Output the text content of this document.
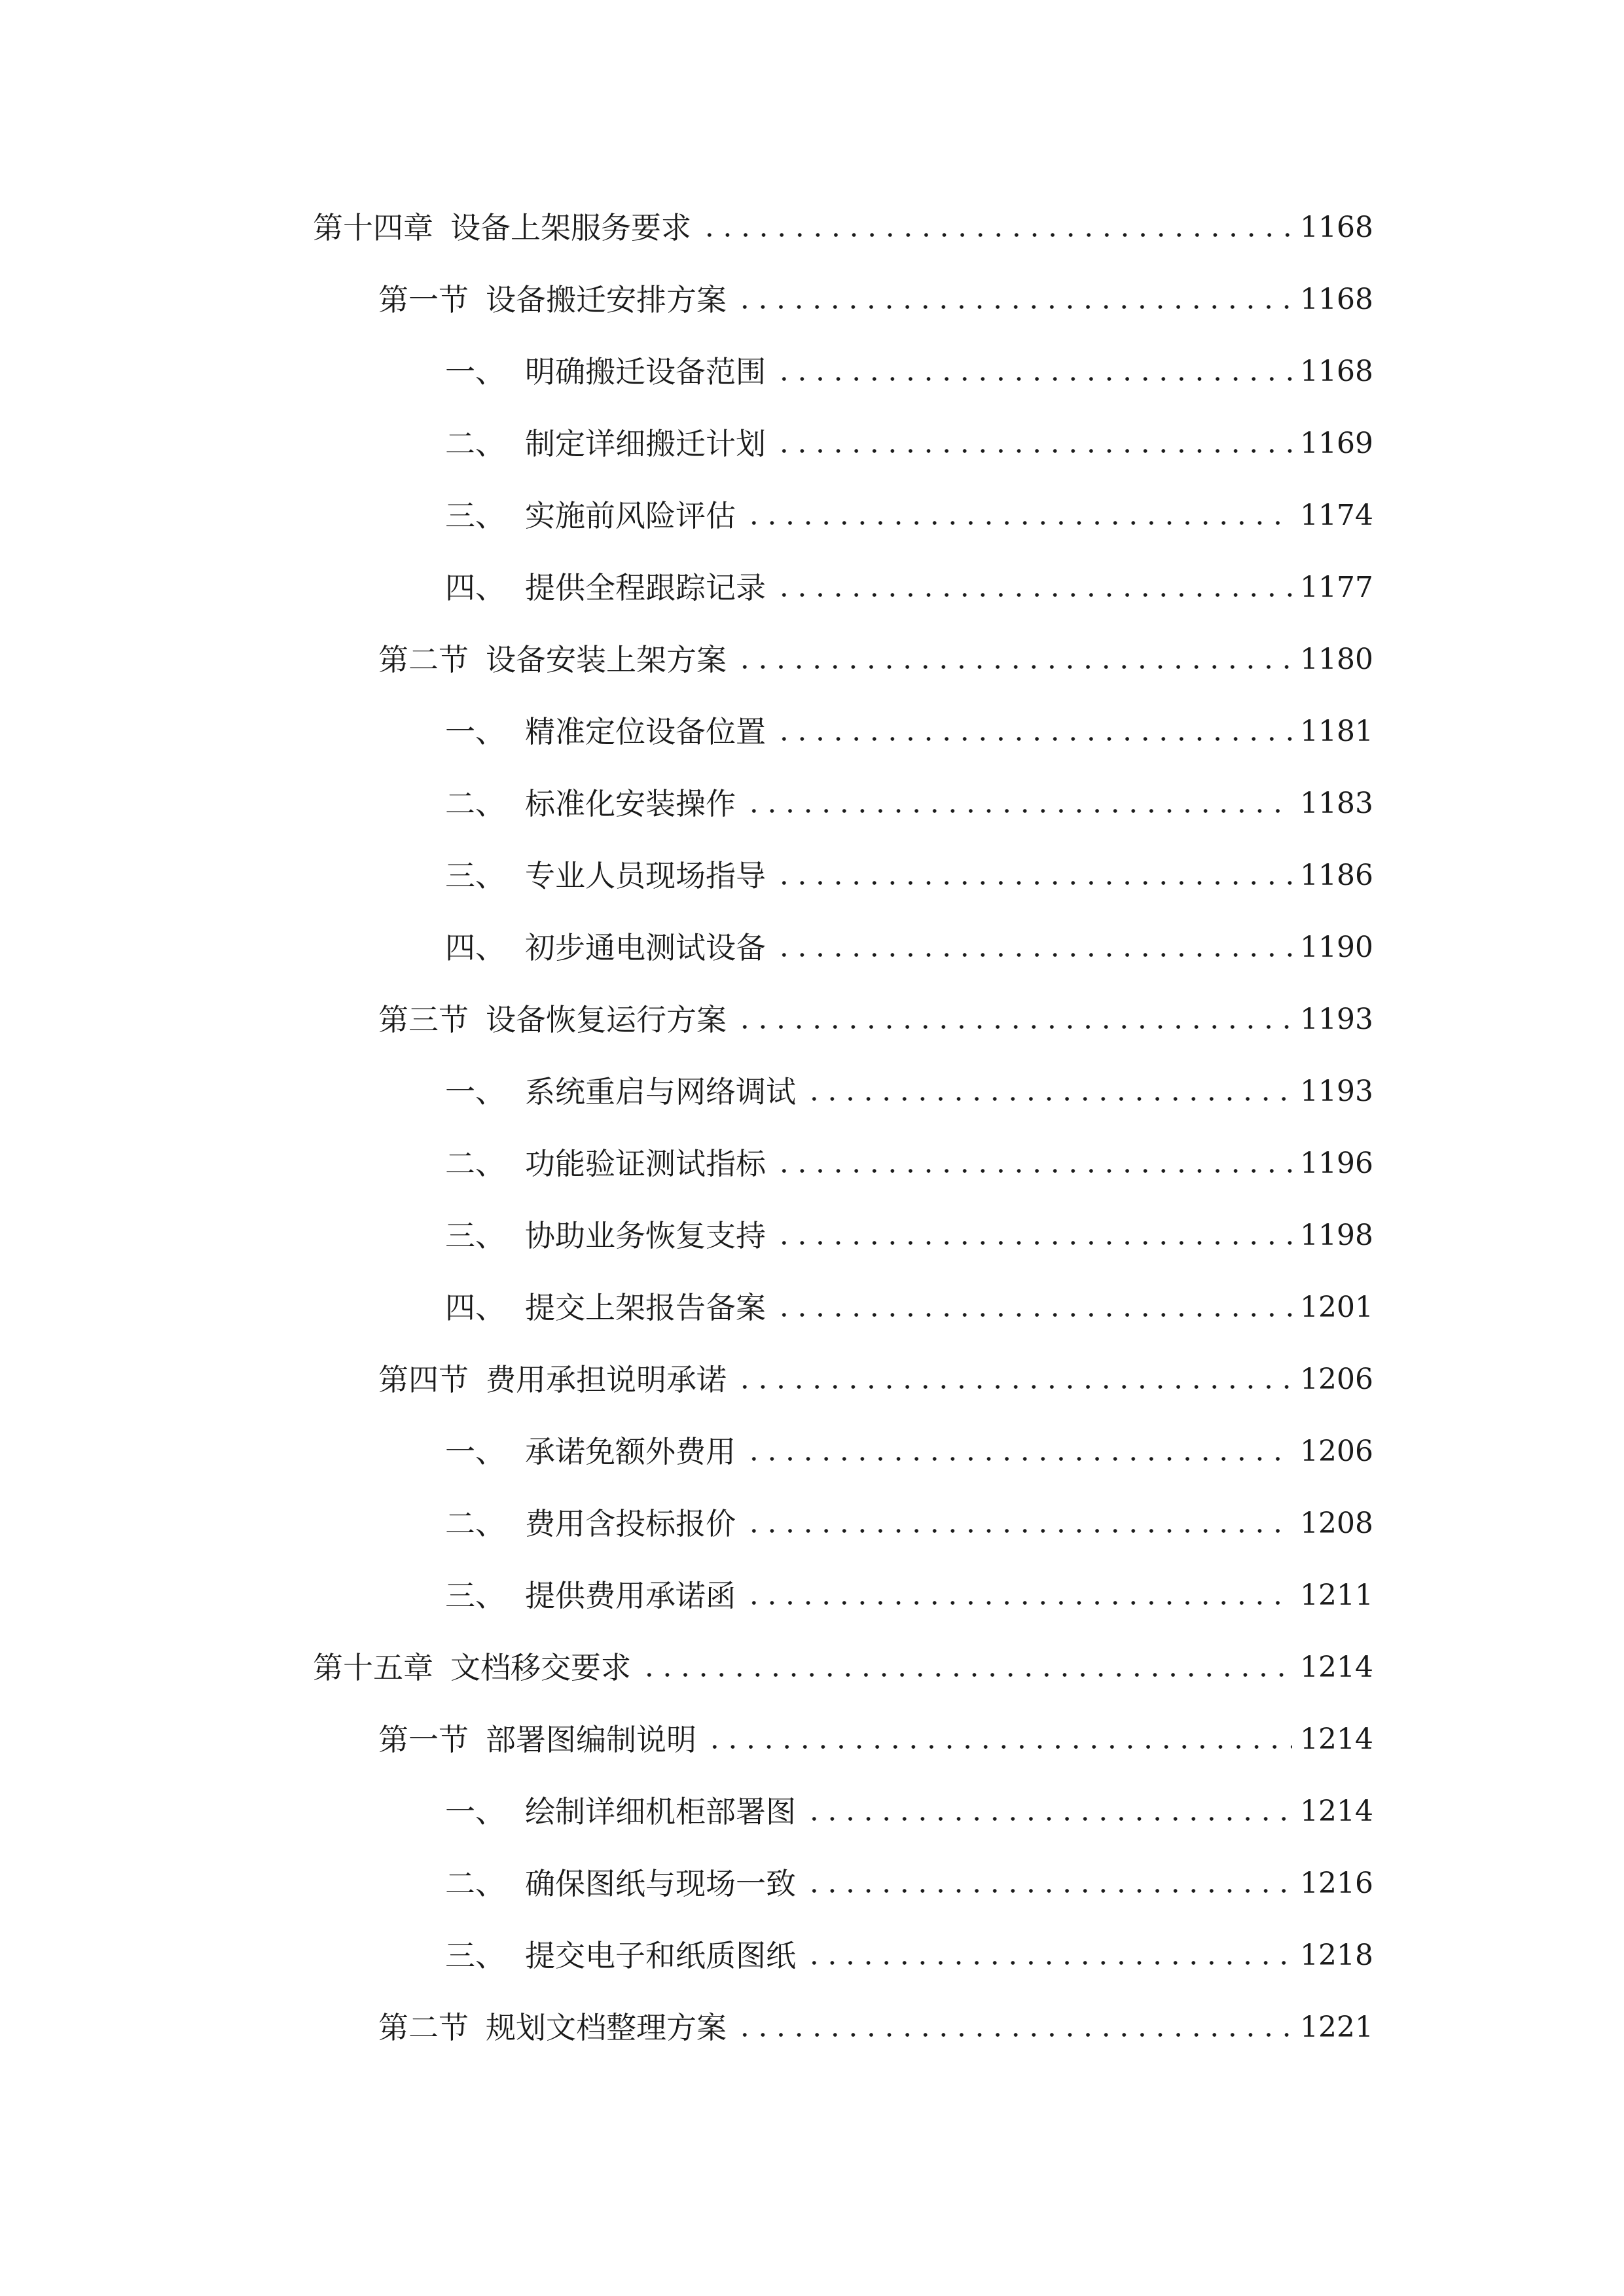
第十四章 设备上架服务要求	1168
第一节 设备搬迁安排方案	1168
一、 明确搬迁设备范围	1168
二、 制定详细搬迁计划	1169
三、 实施前风险评估	1174
四、 提供全程跟踪记录	1177
第二节 设备安装上架方案	1180
一、 精准定位设备位置	1181
二、 标准化安装操作	1183
三、 专业人员现场指导	1186
四、 初步通电测试设备	1190
第三节 设备恢复运行方案	1193
一、 系统重启与网络调试	1193
二、 功能验证测试指标	1196
三、 协助业务恢复支持	1198
四、 提交上架报告备案	1201
第四节 费用承担说明承诺	1206
一、 承诺免额外费用	1206
二、 费用含投标报价	1208
三、 提供费用承诺函	1211
第十五章 文档移交要求	1214
第一节 部署图编制说明	1214
一、 绘制详细机柜部署图	1214
二、 确保图纸与现场一致	1216
三、 提交电子和纸质图纸	1218
第二节 规划文档整理方案	1221
